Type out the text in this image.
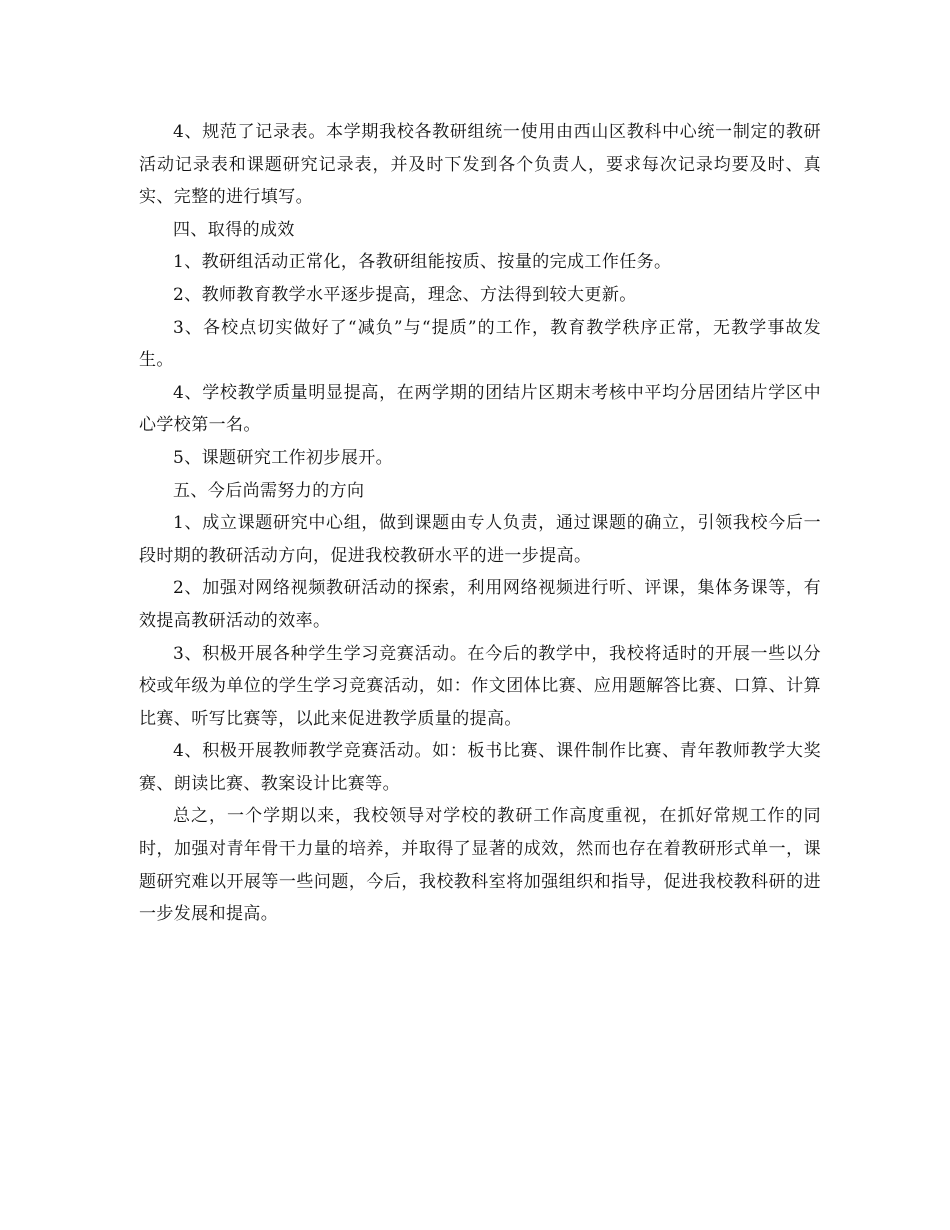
4、规范了记录表。本学期我校各教研组统一使用由西山区教科中心统一制定的教研活动记录表和课题研究记录表，并及时下发到各个负责人，要求每次记录均要及时、真实、完整的进行填写。

四、取得的成效

1、教研组活动正常化，各教研组能按质、按量的完成工作任务。

2、教师教育教学水平逐步提高，理念、方法得到较大更新。

3、各校点切实做好了“减负”与“提质”的工作，教育教学秩序正常，无教学事故发生。

4、学校教学质量明显提高，在两学期的团结片区期末考核中平均分居团结片学区中心学校第一名。

5、课题研究工作初步展开。

五、今后尚需努力的方向

1、成立课题研究中心组，做到课题由专人负责，通过课题的确立，引领我校今后一段时期的教研活动方向，促进我校教研水平的进一步提高。

2、加强对网络视频教研活动的探索，利用网络视频进行听、评课，集体务课等，有效提高教研活动的效率。

3、积极开展各种学生学习竞赛活动。在今后的教学中，我校将适时的开展一些以分校或年级为单位的学生学习竞赛活动，如：作文团体比赛、应用题解答比赛、口算、计算比赛、听写比赛等，以此来促进教学质量的提高。

4、积极开展教师教学竞赛活动。如：板书比赛、课件制作比赛、青年教师教学大奖赛、朗读比赛、教案设计比赛等。

总之，一个学期以来，我校领导对学校的教研工作高度重视，在抓好常规工作的同时，加强对青年骨干力量的培养，并取得了显著的成效，然而也存在着教研形式单一，课题研究难以开展等一些问题，今后，我校教科室将加强组织和指导，促进我校教科研的进一步发展和提高。
